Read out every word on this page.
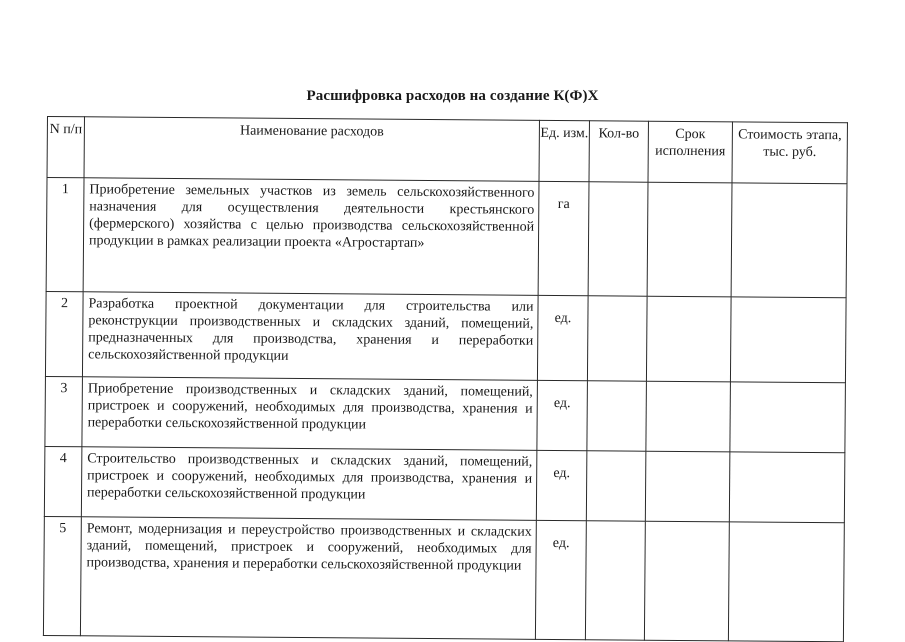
Расшифровка расходов на создание К(Ф)Х
N п/п	Наименование расходов	Ед. изм.	Кол-во	Срок исполнения	Стоимость этапа, тыс. руб.
1	Приобретение земельных участков из земель сельскохозяйственного назначения для осуществления деятельности крестьянского (фермерского) хозяйства с целью производства сельскохозяйственной продукции в рамках реализации проекта «Агростартап»	га			
2	Разработка проектной документации для строительства или реконструкции производственных и складских зданий, помещений, предназначенных для производства, хранения и переработки сельскохозяйственной продукции	ед.			
3	Приобретение производственных и складских зданий, помещений, пристроек и сооружений, необходимых для производства, хранения и переработки сельскохозяйственной продукции	ед.			
4	Строительство производственных и складских зданий, помещений, пристроек и сооружений, необходимых для производства, хранения и переработки сельскохозяйственной продукции	ед.			
5	Ремонт, модернизация и переустройство производственных и складских зданий, помещений, пристроек и сооружений, необходимых для производства, хранения и переработки сельскохозяйственной продукции	ед.			
